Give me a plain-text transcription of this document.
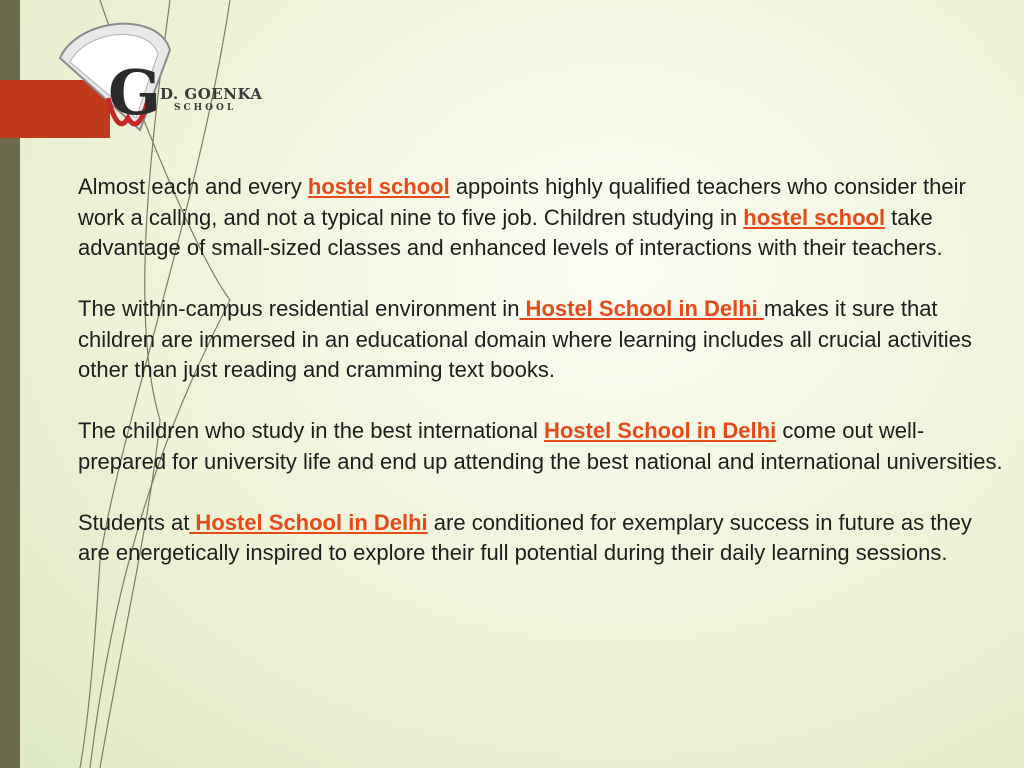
G D. GOENKA
SCHOOL

Almost each and every hostel school appoints highly qualified teachers who consider their work a calling, and not a typical nine to five job. Children studying in hostel school take advantage of small-sized classes and enhanced levels of interactions with their teachers.

The within-campus residential environment in Hostel School in Delhi makes it sure that children are immersed in an educational domain where learning includes all crucial activities other than just reading and cramming text books.

The children who study in the best international Hostel School in Delhi come out well-prepared for university life and end up attending the best national and international universities.

Students at Hostel School in Delhi are conditioned for exemplary success in future as they are energetically inspired to explore their full potential during their daily learning sessions.
